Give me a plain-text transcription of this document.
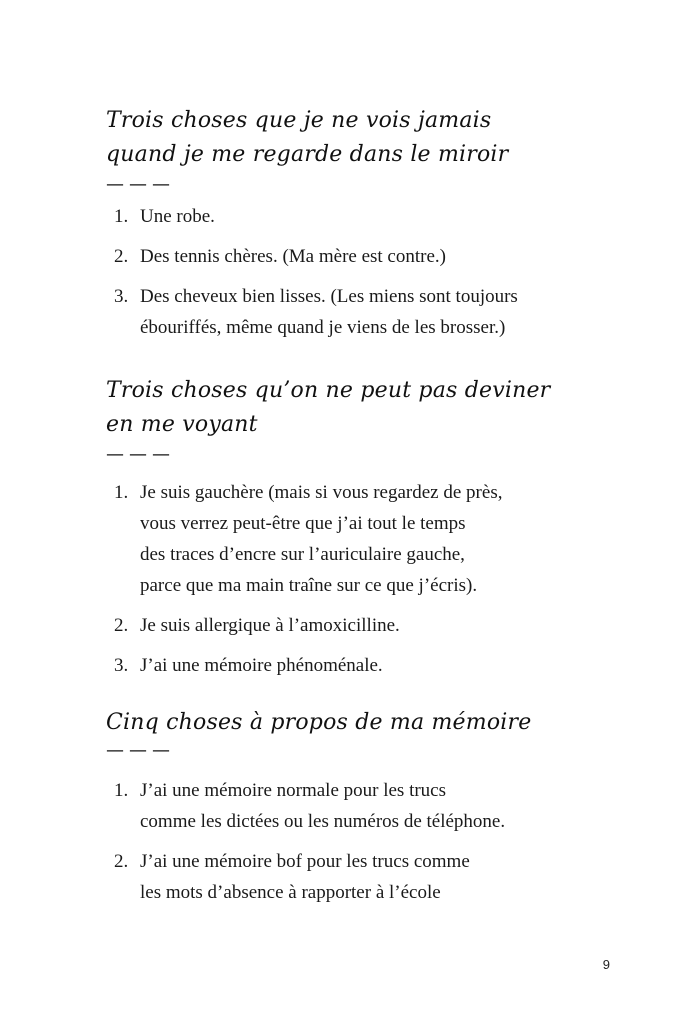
Trois choses que je ne vois jamais
quand je me regarde dans le miroir
———
1. Une robe.
2. Des tennis chères. (Ma mère est contre.)
3. Des cheveux bien lisses. (Les miens sont toujours
ébouriffés, même quand je viens de les brosser.)
Trois choses qu’on ne peut pas deviner
en me voyant
———
1. Je suis gauchère (mais si vous regardez de près,
vous verrez peut-être que j’ai tout le temps
des traces d’encre sur l’auriculaire gauche,
parce que ma main traîne sur ce que j’écris).
2. Je suis allergique à l’amoxicilline.
3. J’ai une mémoire phénoménale.
Cinq choses à propos de ma mémoire
———
1. J’ai une mémoire normale pour les trucs
comme les dictées ou les numéros de téléphone.
2. J’ai une mémoire bof pour les trucs comme
les mots d’absence à rapporter à l’école
9
